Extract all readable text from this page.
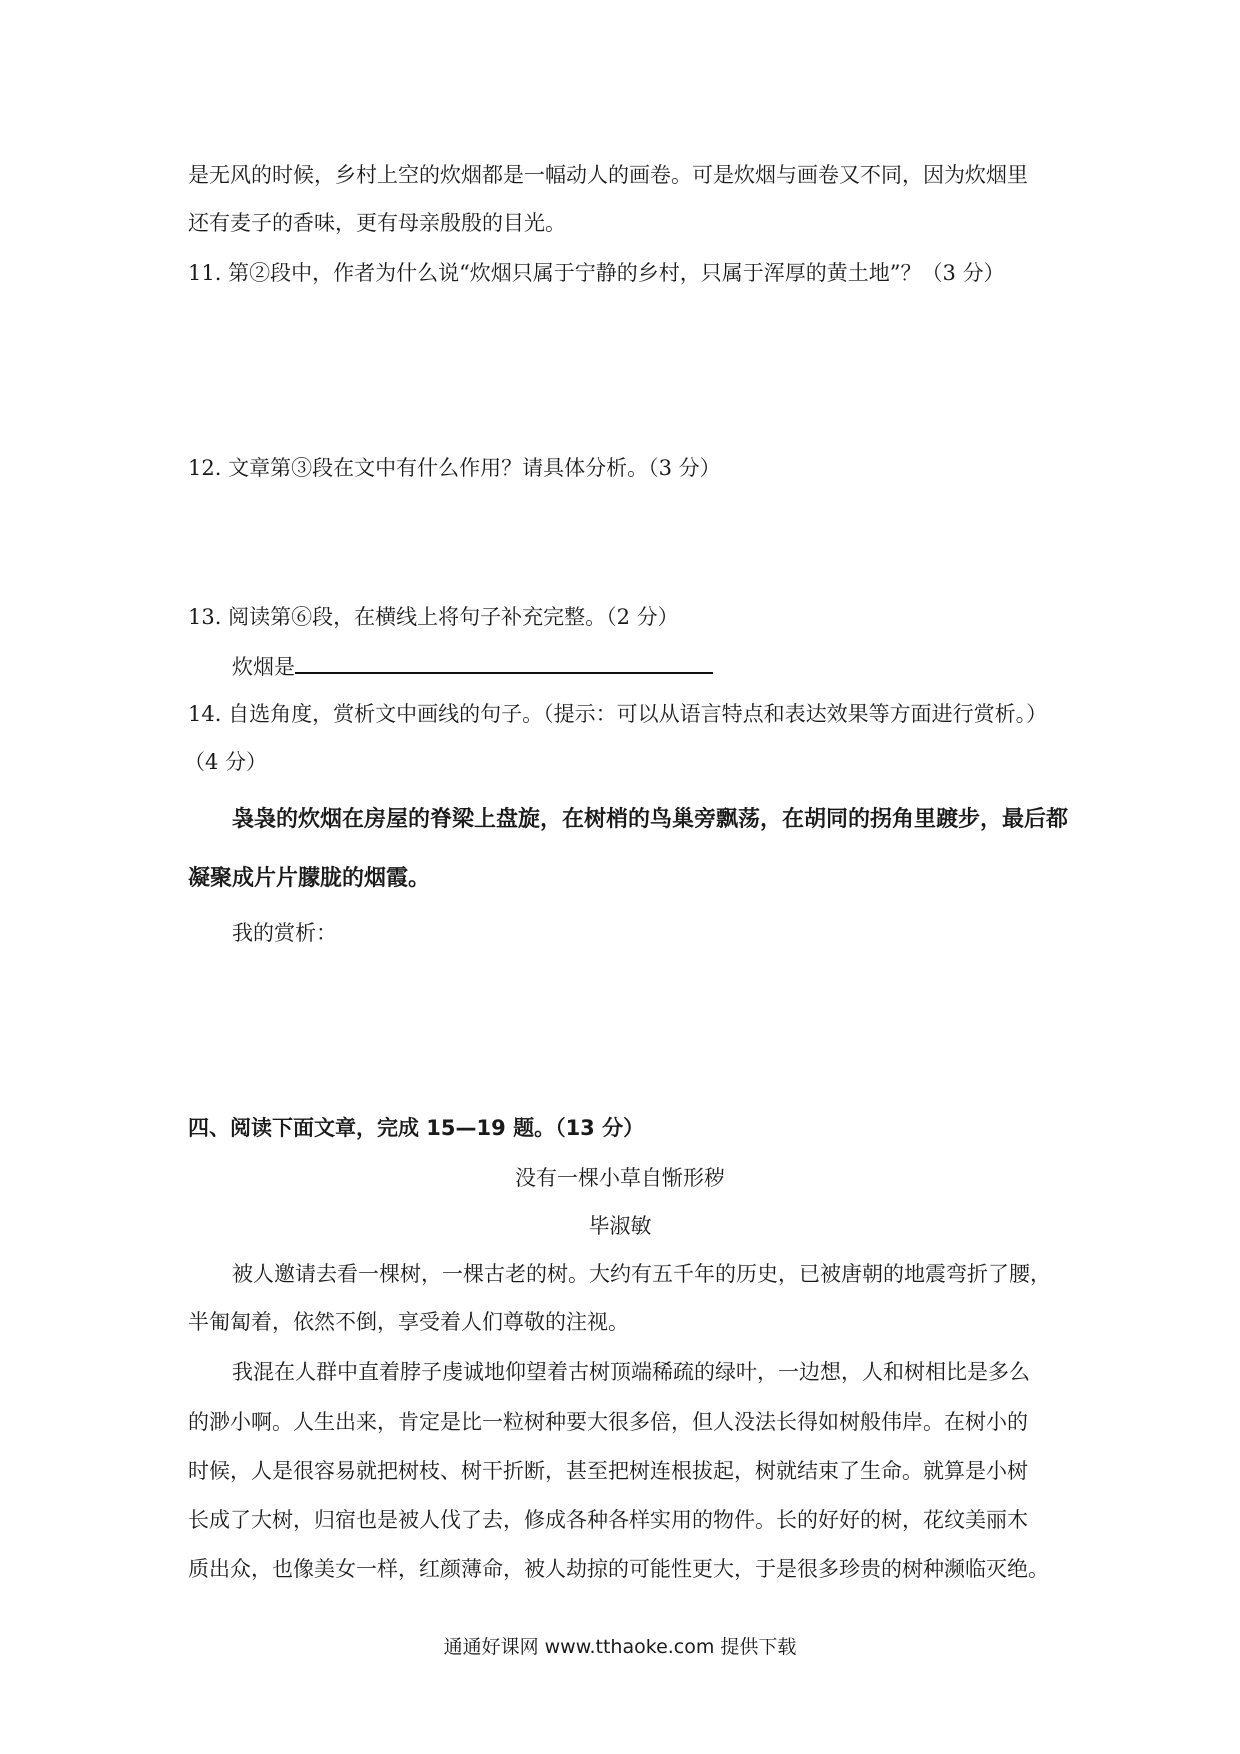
是无风的时候，乡村上空的炊烟都是一幅动人的画卷。可是炊烟与画卷又不同，因为炊烟里
还有麦子的香味，更有母亲殷殷的目光。
11. 第②段中，作者为什么说“炊烟只属于宁静的乡村，只属于浑厚的黄土地”？（3 分）
12. 文章第③段在文中有什么作用？请具体分析。（3 分）
13. 阅读第⑥段，在横线上将句子补充完整。（2 分）
炊烟是
14. 自选角度，赏析文中画线的句子。（提示：可以从语言特点和表达效果等方面进行赏析。）
（4 分）
袅袅的炊烟在房屋的脊梁上盘旋，在树梢的鸟巢旁飘荡，在胡同的拐角里踱步，最后都
凝聚成片片朦胧的烟霞。
我的赏析：
四、阅读下面文章，完成 15—19 题。（13 分）
没有一棵小草自惭形秽
毕淑敏
被人邀请去看一棵树，一棵古老的树。大约有五千年的历史，已被唐朝的地震弯折了腰，
半匍匐着，依然不倒，享受着人们尊敬的注视。
我混在人群中直着脖子虔诚地仰望着古树顶端稀疏的绿叶，一边想，人和树相比是多么
的渺小啊。人生出来，肯定是比一粒树种要大很多倍，但人没法长得如树般伟岸。在树小的
时候，人是很容易就把树枝、树干折断，甚至把树连根拔起，树就结束了生命。就算是小树
长成了大树，归宿也是被人伐了去，修成各种各样实用的物件。长的好好的树，花纹美丽木
质出众，也像美女一样，红颜薄命，被人劫掠的可能性更大，于是很多珍贵的树种濒临灭绝。
通通好课网 www.tthaoke.com 提供下载
